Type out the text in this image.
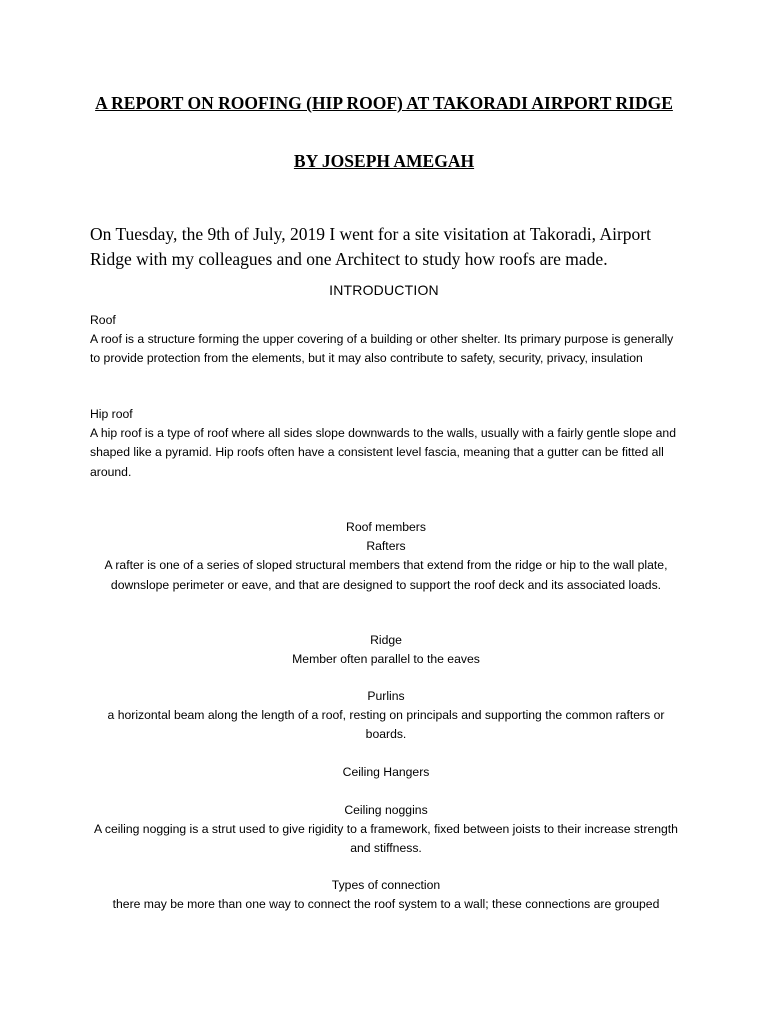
A REPORT ON ROOFING (HIP ROOF) AT TAKORADI AIRPORT RIDGE
BY JOSEPH AMEGAH

On Tuesday, the 9th of July, 2019 I went for a site visitation at Takoradi, Airport Ridge with my colleagues and one Architect to study how roofs are made.

INTRODUCTION

Roof

A roof is a structure forming the upper covering of a building or other shelter. Its primary purpose is generally to provide protection from the elements, but it may also contribute to safety, security, privacy, insulation

Hip roof

A hip roof is a type of roof where all sides slope downwards to the walls, usually with a fairly gentle slope and shaped like a pyramid. Hip roofs often have a consistent level fascia, meaning that a gutter can be fitted all around.

Roof members

Rafters

A rafter is one of a series of sloped structural members that extend from the ridge or hip to the wall plate, downslope perimeter or eave, and that are designed to support the roof deck and its associated loads.

Ridge

Member often parallel to the eaves

Purlins

a horizontal beam along the length of a roof, resting on principals and supporting the common rafters or boards.

Ceiling Hangers

Ceiling noggins

A ceiling nogging is a strut used to give rigidity to a framework, fixed between joists to their increase strength and stiffness.

Types of connection

there may be more than one way to connect the roof system to a wall; these connections are grouped
